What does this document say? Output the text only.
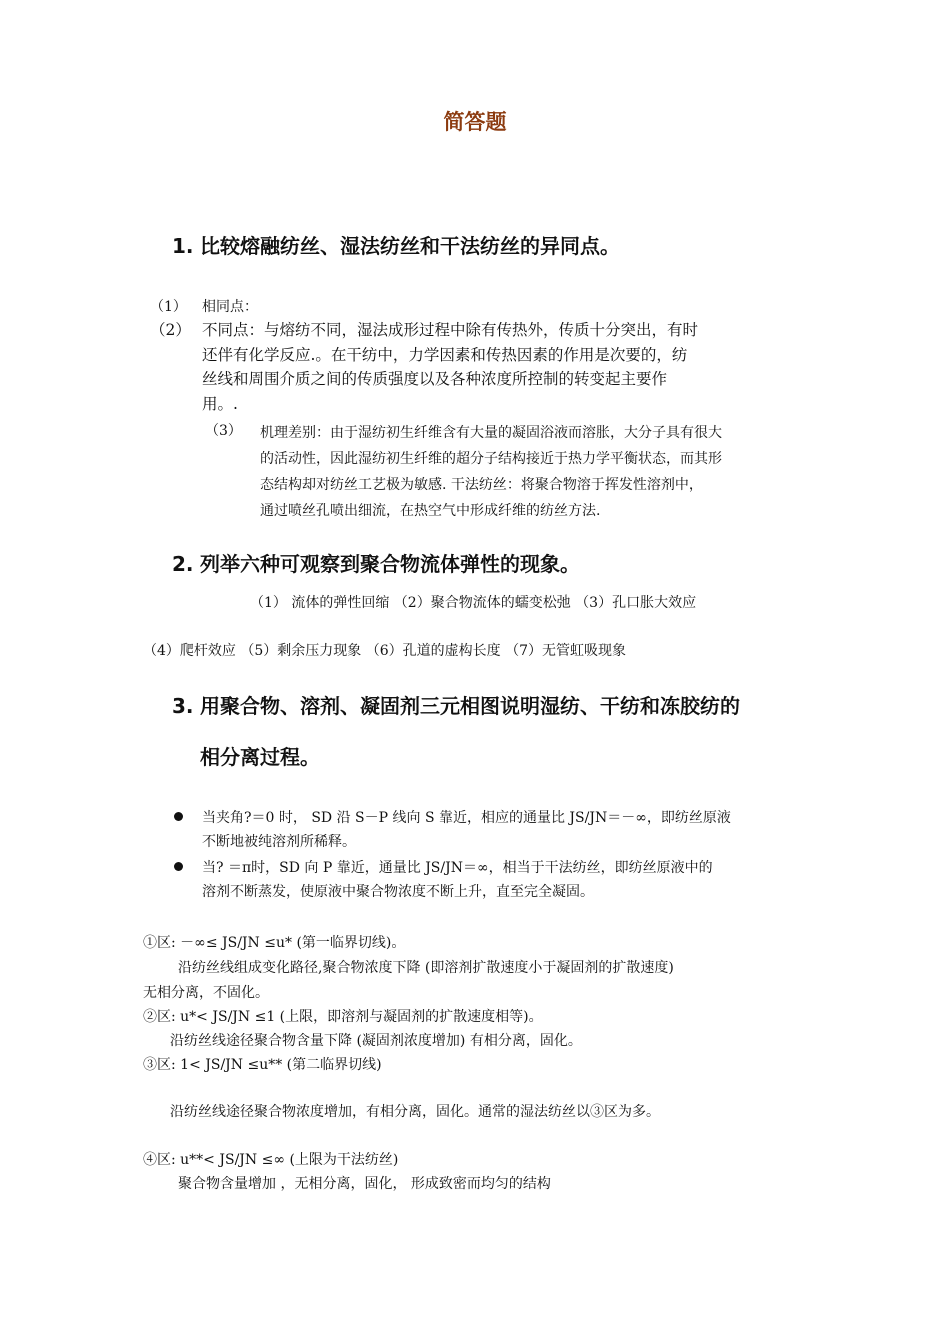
简答题
1. 比较熔融纺丝、湿法纺丝和干法纺丝的异同点。
（1） 相同点：
（2） 不同点：与熔纺不同，湿法成形过程中除有传热外，传质十分突出，有时
还伴有化学反应.。在干纺中，力学因素和传热因素的作用是次要的，纺
丝线和周围介质之间的传质强度以及各种浓度所控制的转变起主要作
用。.
（3） 机理差别：由于湿纺初生纤维含有大量的凝固浴液而溶胀，大分子具有很大
的活动性，因此湿纺初生纤维的超分子结构接近于热力学平衡状态，而其形
态结构却对纺丝工艺极为敏感. 干法纺丝：将聚合物溶于挥发性溶剂中，
通过喷丝孔喷出细流，在热空气中形成纤维的纺丝方法.
2. 列举六种可观察到聚合物流体弹性的现象。
（1） 流体的弹性回缩 （2）聚合物流体的蠕变松弛 （3）孔口胀大效应
（4）爬杆效应 （5）剩余压力现象 （6）孔道的虚构长度 （7）无管虹吸现象
3. 用聚合物、溶剂、凝固剂三元相图说明湿纺、干纺和冻胶纺的
相分离过程。
当夹角?＝0 时， SD 沿 S－P 线向 S 靠近，相应的通量比 JS/JN＝－∞，即纺丝原液
不断地被纯溶剂所稀释。
当? ＝π时，SD 向 P 靠近，通量比 JS/JN＝∞，相当于干法纺丝，即纺丝原液中的
溶剂不断蒸发，使原液中聚合物浓度不断上升，直至完全凝固。
①区: －∞≤ JS/JN ≤u* (第一临界切线)。
沿纺丝线组成变化路径,聚合物浓度下降 (即溶剂扩散速度小于凝固剂的扩散速度)
无相分离，不固化。
②区: u*< JS/JN ≤1 (上限，即溶剂与凝固剂的扩散速度相等)。
沿纺丝线途径聚合物含量下降 (凝固剂浓度增加) 有相分离，固化。
③区: 1< JS/JN ≤u** (第二临界切线)
沿纺丝线途径聚合物浓度增加，有相分离，固化。通常的湿法纺丝以③区为多。
④区: u**< JS/JN ≤∞ (上限为干法纺丝)
聚合物含量增加 ，无相分离，固化， 形成致密而均匀的结构
